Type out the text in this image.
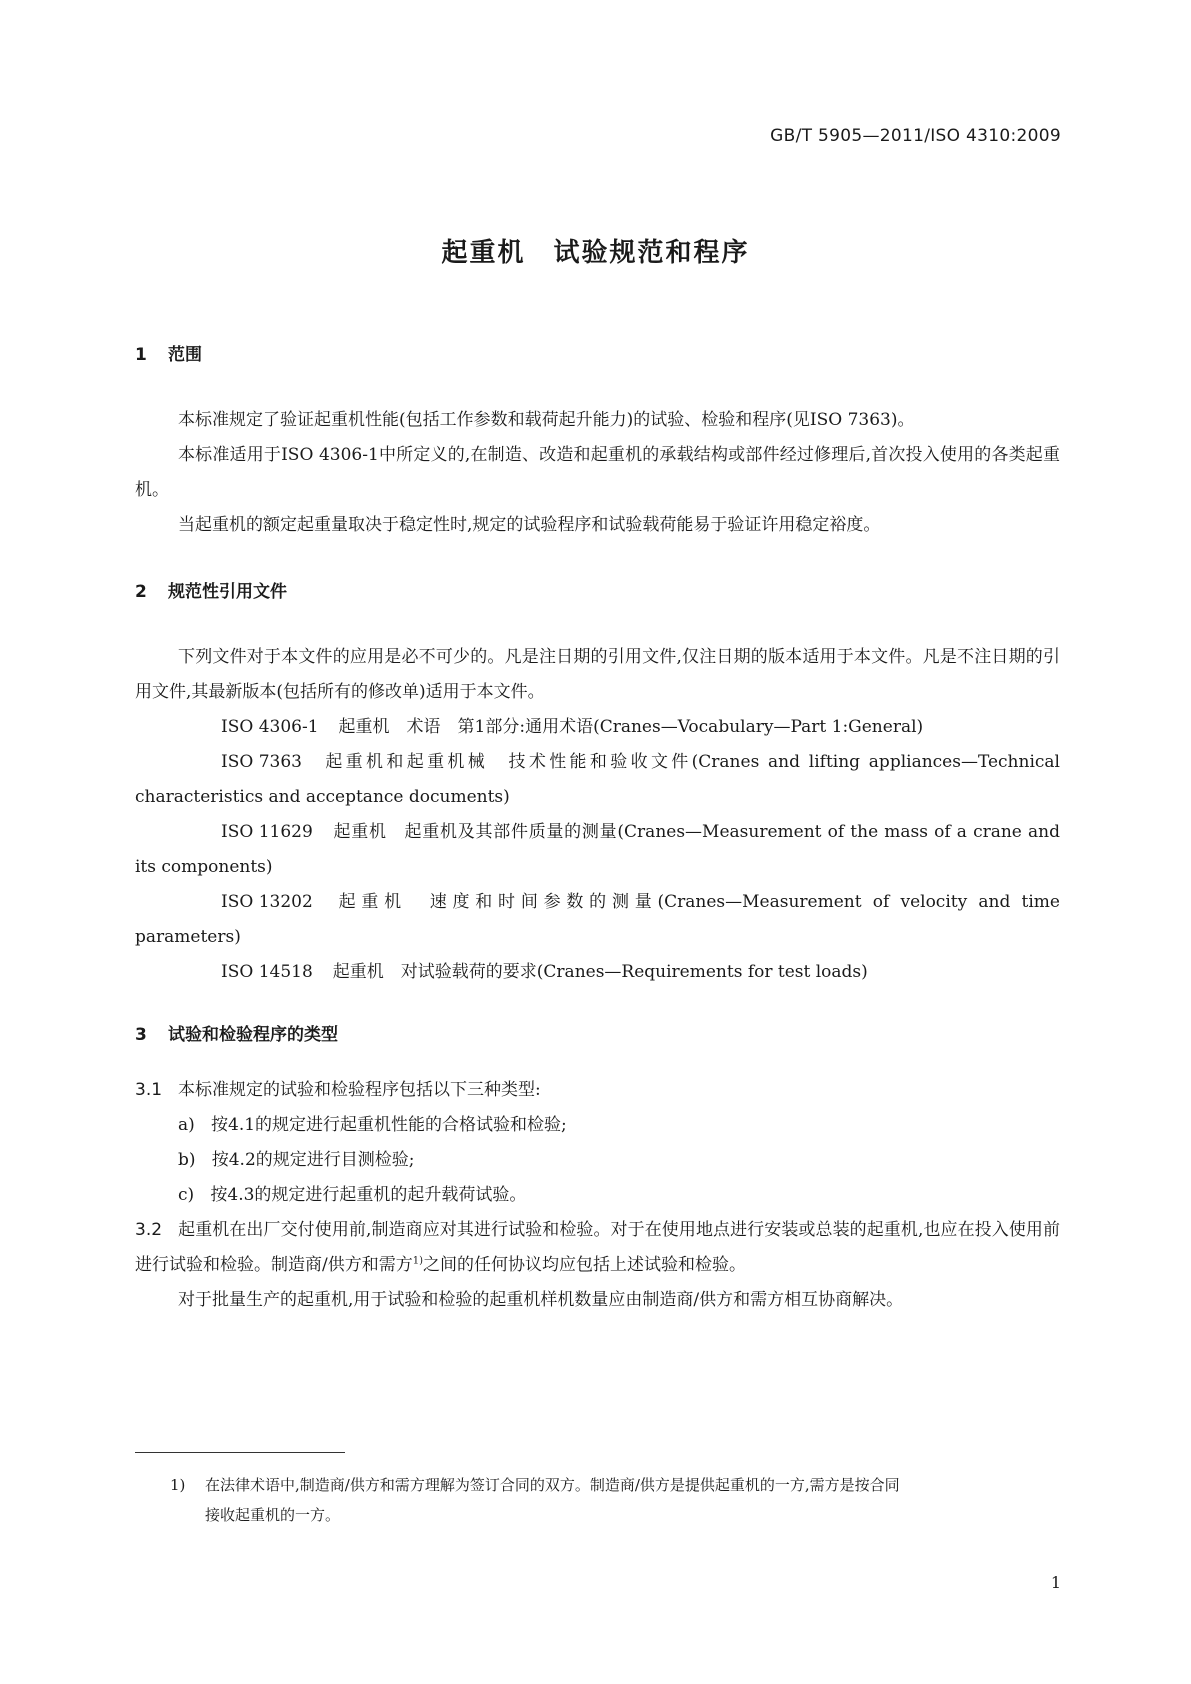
GB/T 5905—2011/ISO 4310:2009
起重机　试验规范和程序
1 范围

本标准规定了验证起重机性能(包括工作参数和载荷起升能力)的试验、检验和程序(见ISO 7363)。

本标准适用于ISO 4306-1中所定义的,在制造、改造和起重机的承载结构或部件经过修理后,首次投入使用的各类起重机。

当起重机的额定起重量取决于稳定性时,规定的试验程序和试验载荷能易于验证许用稳定裕度。

2 规范性引用文件

下列文件对于本文件的应用是必不可少的。凡是注日期的引用文件,仅注日期的版本适用于本文件。凡是不注日期的引用文件,其最新版本(包括所有的修改单)适用于本文件。

ISO 4306-1 起重机　术语　第1部分:通用术语(Cranes—Vocabulary—Part 1:General)

ISO 7363 起重机和起重机械　技术性能和验收文件(Cranes and lifting appliances—Technical characteristics and acceptance documents)

ISO 11629 起重机　起重机及其部件质量的测量(Cranes—Measurement of the mass of a crane and its components)

ISO 13202 起重机　速度和时间参数的测量(Cranes—Measurement of velocity and time parameters)

ISO 14518 起重机　对试验载荷的要求(Cranes—Requirements for test loads)

3 试验和检验程序的类型

3.1 本标准规定的试验和检验程序包括以下三种类型:

a) 按4.1的规定进行起重机性能的合格试验和检验;

b) 按4.2的规定进行目测检验;

c) 按4.3的规定进行起重机的起升载荷试验。

3.2 起重机在出厂交付使用前,制造商应对其进行试验和检验。对于在使用地点进行安装或总装的起重机,也应在投入使用前进行试验和检验。制造商/供方和需方$^{1)}$之间的任何协议均应包括上述试验和检验。

对于批量生产的起重机,用于试验和检验的起重机样机数量应由制造商/供方和需方相互协商解决。

1) 在法律术语中,制造商/供方和需方理解为签订合同的双方。制造商/供方是提供起重机的一方,需方是按合同
接收起重机的一方。
1
